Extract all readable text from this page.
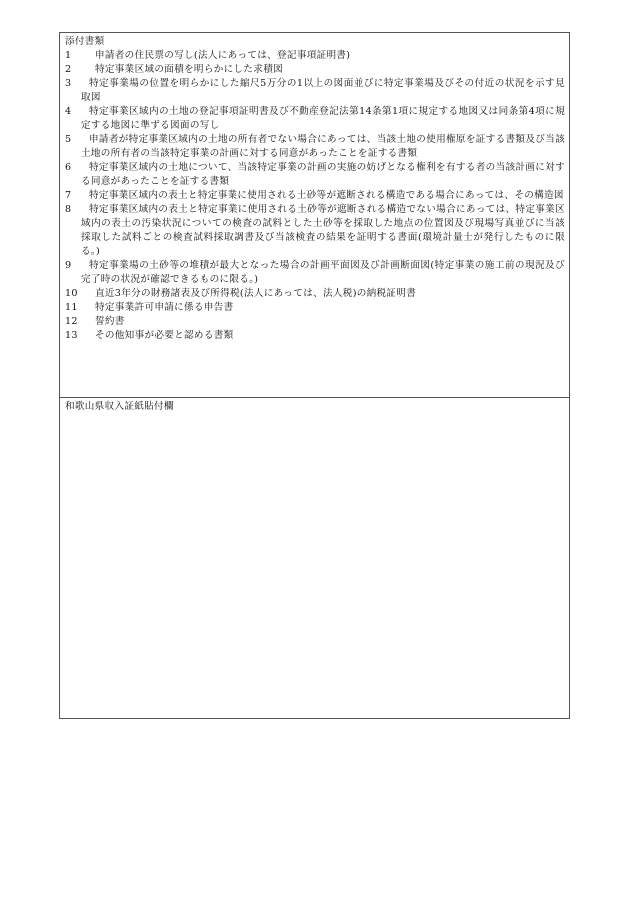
添付書類
1	申請者の住民票の写し(法人にあっては、登記事項証明書)
2	特定事業区域の面積を明らかにした求積図
3	特定事業場の位置を明らかにした縮尺5万分の1以上の図面並びに特定事業場及びその付近の状況を示す見取図
4	特定事業区域内の土地の登記事項証明書及び不動産登記法第14条第1項に規定する地図又は同条第4項に規定する地図に準ずる図面の写し
5	申請者が特定事業区域内の土地の所有者でない場合にあっては、当該土地の使用権原を証する書類及び当該土地の所有者の当該特定事業の計画に対する同意があったことを証する書類
6	特定事業区域内の土地について、当該特定事業の計画の実施の妨げとなる権利を有する者の当該計画に対する同意があったことを証する書類
7	特定事業区域内の表土と特定事業に使用される土砂等が遮断される構造である場合にあっては、その構造図
8	特定事業区域内の表土と特定事業に使用される土砂等が遮断される構造でない場合にあっては、特定事業区域内の表土の汚染状況についての検査の試料とした土砂等を採取した地点の位置図及び現場写真並びに当該採取した試料ごとの検査試料採取調書及び当該検査の結果を証明する書面(環境計量士が発行したものに限る。)
9	特定事業場の土砂等の堆積が最大となった場合の計画平面図及び計画断面図(特定事業の施工前の現況及び完了時の状況が確認できるものに限る。)
10	直近3年分の財務諸表及び所得税(法人にあっては、法人税)の納税証明書
11	特定事業許可申請に係る申告書
12	誓約書
13	その他知事が必要と認める書類
和歌山県収入証紙貼付欄
